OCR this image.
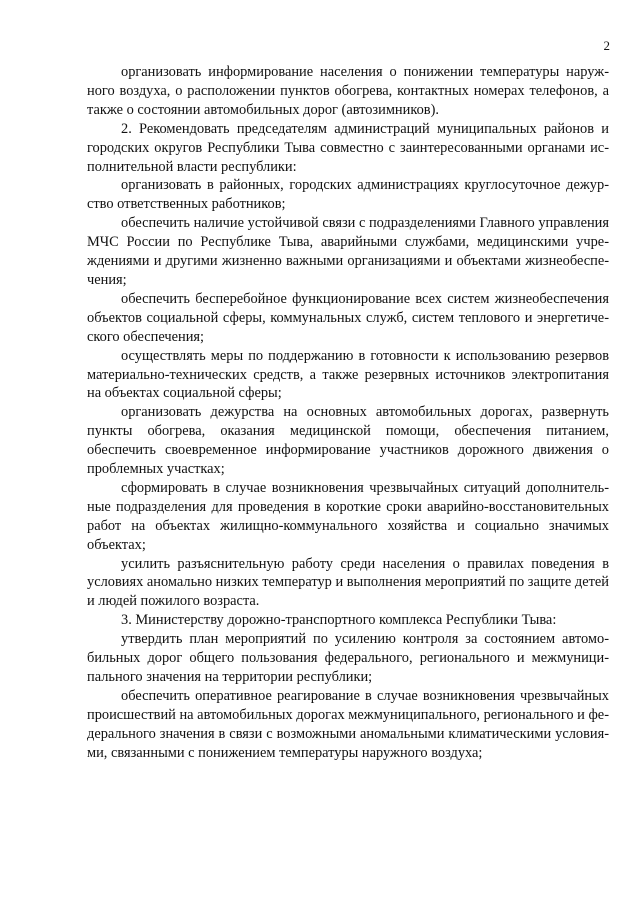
2

организовать информирование населения о понижении температуры наруж-ного воздуха, о расположении пунктов обогрева, контактных номерах телефонов, а также о состоянии автомобильных дорог (автозимников).

2. Рекомендовать председателям администраций муниципальных районов и городских округов Республики Тыва совместно с заинтересованными органами исполнительной власти республики:

организовать в районных, городских администрациях круглосуточное дежурство ответственных работников;

обеспечить наличие устойчивой связи с подразделениями Главного управления МЧС России по Республике Тыва, аварийными службами, медицинскими учреждениями и другими жизненно важными организациями и объектами жизнеобеспечения;

обеспечить бесперебойное функционирование всех систем жизнеобеспечения объектов социальной сферы, коммунальных служб, систем теплового и энергетического обеспечения;

осуществлять меры по поддержанию в готовности к использованию резервов материально-технических средств, а также резервных источников электропитания на объектах социальной сферы;

организовать дежурства на основных автомобильных дорогах, развернуть пункты обогрева, оказания медицинской помощи, обеспечения питанием, обеспечить своевременное информирование участников дорожного движения о проблемных участках;

сформировать в случае возникновения чрезвычайных ситуаций дополнительные подразделения для проведения в короткие сроки аварийно-восстановительных работ на объектах жилищно-коммунального хозяйства и социально значимых объектах;

усилить разъяснительную работу среди населения о правилах поведения в условиях аномально низких температур и выполнения мероприятий по защите детей и людей пожилого возраста.

3. Министерству дорожно-транспортного комплекса Республики Тыва:

утвердить план мероприятий по усилению контроля за состоянием автомо-бильных дорог общего пользования федерального, регионального и межмуниципального значения на территории республики;

обеспечить оперативное реагирование в случае возникновения чрезвычайных происшествий на автомобильных дорогах межмуниципального, регионального и федерального значения в связи с возможными аномальными климатическими условиями, связанными с понижением температуры наружного воздуха;
